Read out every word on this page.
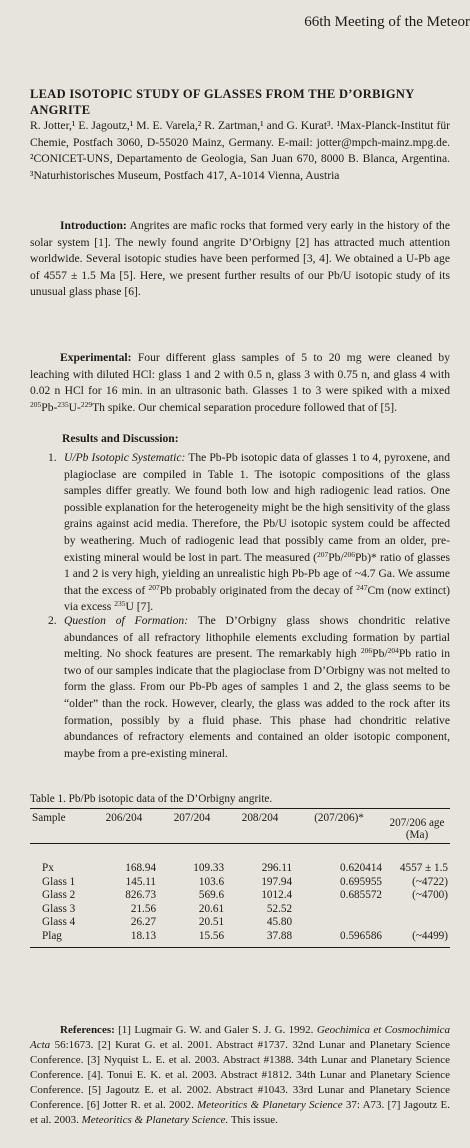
66th Meeting of the Meteor
LEAD ISOTOPIC STUDY OF GLASSES FROM THE D’ORBIGNY ANGRITE
R. Jotter,¹ E. Jagoutz,¹ M. E. Varela,² R. Zartman,¹ and G. Kurat³. ¹Max-Planck-Institut für Chemie, Postfach 3060, D-55020 Mainz, Germany. E-mail: jotter@mpch-mainz.mpg.de. ²CONICET-UNS, Departamento de Geologia, San Juan 670, 8000 B. Blanca, Argentina. ³Naturhistorisches Museum, Postfach 417, A-1014 Vienna, Austria
Introduction: Angrites are mafic rocks that formed very early in the history of the solar system [1]. The newly found angrite D’Orbigny [2] has attracted much attention worldwide. Several isotopic studies have been performed [3, 4]. We obtained a U-Pb age of 4557 ± 1.5 Ma [5]. Here, we present further results of our Pb/U isotopic study of its unusual glass phase [6].
Experimental: Four different glass samples of 5 to 20 mg were cleaned by leaching with diluted HCl: glass 1 and 2 with 0.5 n, glass 3 with 0.75 n, and glass 4 with 0.02 n HCl for 16 min. in an ultrasonic bath. Glasses 1 to 3 were spiked with a mixed $^{205}$Pb-$^{235}$U-$^{229}$Th spike. Our chemical separation procedure followed that of [5].
Results and Discussion:
1. U/Pb Isotopic Systematic: The Pb-Pb isotopic data of glasses 1 to 4, pyroxene, and plagioclase are compiled in Table 1. The isotopic compositions of the glass samples differ greatly. We found both low and high radiogenic lead ratios. One possible explanation for the heterogeneity might be the high sensitivity of the glass grains against acid media. Therefore, the Pb/U isotopic system could be affected by weathering. Much of radiogenic lead that possibly came from an older, pre-existing mineral would be lost in part. The measured ($^{207}$Pb/$^{206}$Pb)* ratio of glasses 1 and 2 is very high, yielding an unrealistic high Pb-Pb age of ~4.7 Ga. We assume that the excess of $^{207}$Pb probably originated from the decay of $^{247}$Cm (now extinct) via excess $^{235}$U [7].
2. Question of Formation: The D’Orbigny glass shows chondritic relative abundances of all refractory lithophile elements excluding formation by partial melting. No shock features are present. The remarkably high $^{206}$Pb/$^{204}$Pb ratio in two of our samples indicate that the plagioclase from D’Orbigny was not melted to form the glass. From our Pb-Pb ages of samples 1 and 2, the glass seems to be “older” than the rock. However, clearly, the glass was added to the rock after its formation, possibly by a fluid phase. This phase had chondritic relative abundances of refractory elements and contained an older isotopic component, maybe from a pre-existing mineral.
Table 1. Pb/Pb isotopic data of the D’Orbigny angrite.
Sample	206/204	207/204	208/204	(207/206)*	207/206 age (Ma)
Px	168.94	109.33	296.11	0.620414	4557 ± 1.5
Glass 1	145.11	103.6	197.94	0.695955	(~4722)
Glass 2	826.73	569.6	1012.4	0.685572	(~4700)
Glass 3	21.56	20.61	52.52		
Glass 4	26.27	20.51	45.80		
Plag	18.13	15.56	37.88	0.596586	(~4499)
References: [1] Lugmair G. W. and Galer S. J. G. 1992. Geochimica et Cosmochimica Acta 56:1673. [2] Kurat G. et al. 2001. Abstract #1737. 32nd Lunar and Planetary Science Conference. [3] Nyquist L. E. et al. 2003. Abstract #1388. 34th Lunar and Planetary Science Conference. [4]. Tonui E. K. et al. 2003. Abstract #1812. 34th Lunar and Planetary Science Conference. [5] Jagoutz E. et al. 2002. Abstract #1043. 33rd Lunar and Planetary Science Conference. [6] Jotter R. et al. 2002. Meteoritics & Planetary Science 37: A73. [7] Jagoutz E. et al. 2003. Meteoritics & Planetary Science. This issue.
